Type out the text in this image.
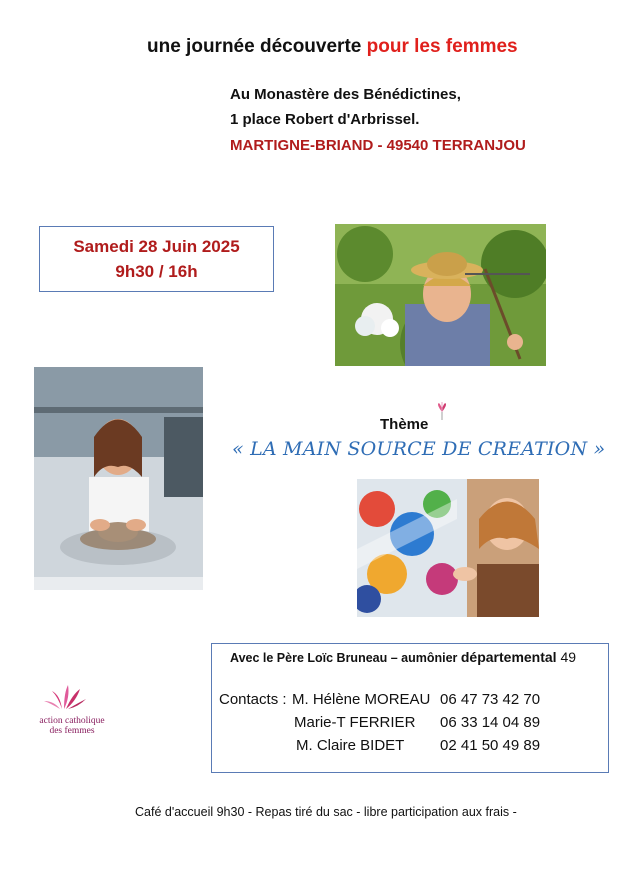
une journée découverte pour les femmes
Au Monastère des Bénédictines,
1 place Robert d'Arbrissel.
MARTIGNE-BRIAND - 49540 TERRANJOU
Samedi 28 Juin 2025
9h30 / 16h
Thème
« LA MAIN SOURCE DE CREATION »
action catholique
des femmes
Avec le Père Loïc Bruneau – aumônier départemental 49
Contacts : M. Hélène MOREAU 06 47 73 42 70
Marie-T FERRIER 06 33 14 04 89
M. Claire BIDET 02 41 50 49 89
Café d'accueil 9h30 - Repas tiré du sac - libre participation aux frais -
